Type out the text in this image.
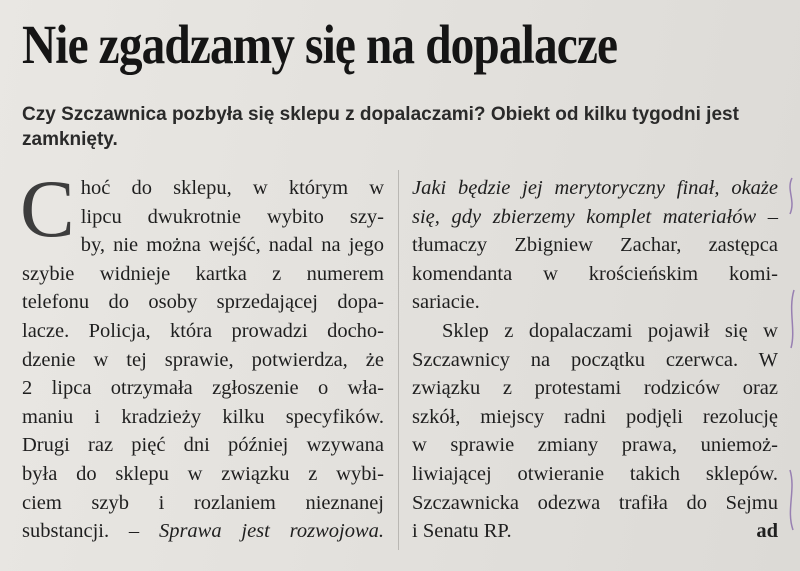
Nie zgadzamy się na dopalacze

Czy Szczawnica pozbyła się sklepu z dopalaczami? Obiekt od kilku tygodni jest zamknięty.

C hoć do sklepu, w którym w
lipcu dwukrotnie wybito szy-
by, nie można wejść, nadal na jego
szybie widnieje kartka z numerem
telefonu do osoby sprzedającej dopa-
lacze. Policja, która prowadzi docho-
dzenie w tej sprawie, potwierdza, że
2 lipca otrzymała zgłoszenie o wła-
maniu i kradzieży kilku specyfików.
Drugi raz pięć dni później wzywana
była do sklepu w związku z wybi-
ciem szyb i rozlaniem nieznanej
substancji. – Sprawa jest rozwojowa.
Jaki będzie jej merytoryczny finał, okaże
się, gdy zbierzemy komplet materiałów –
tłumaczy Zbigniew Zachar, zastępca
komendanta w krościeńskim komi-
sariacie.
Sklep z dopalaczami pojawił się w
Szczawnicy na początku czerwca. W
związku z protestami rodziców oraz
szkół, miejscy radni podjęli rezolucję
w sprawie zmiany prawa, uniemoż-
liwiającej otwieranie takich sklepów.
Szczawnicka odezwa trafiła do Sejmu
i Senatu RP.	ad
